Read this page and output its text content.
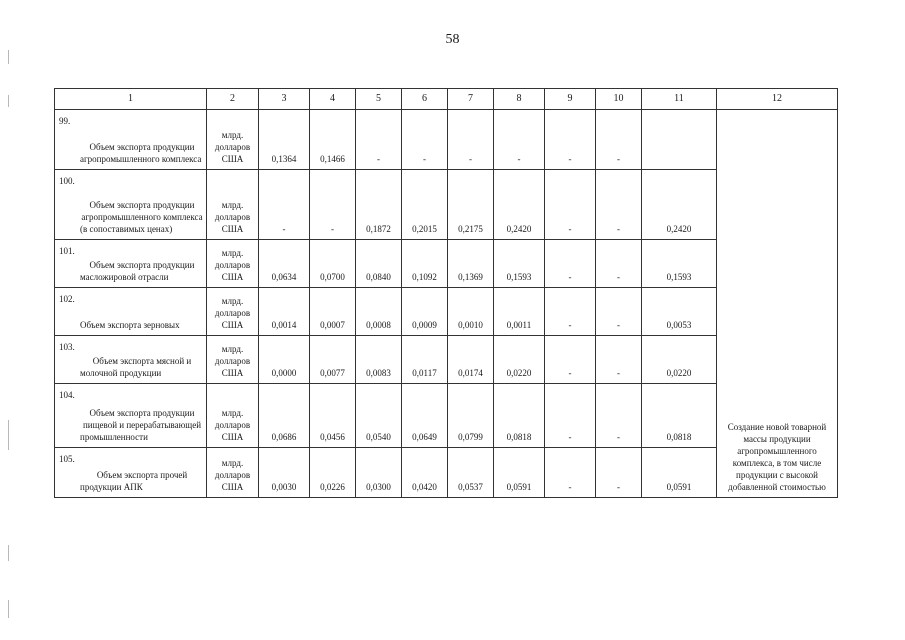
58
1	2	3	4	5	6	7	8	9	10	11	12

99.
Объем экспорта продукции агропромышленного комплекса	млрд. долларов США	0,1364	0,1466	-	-	-	-	-	-		Создание новой товарной массы продукции агропромышленного комплекса, в том числе продукции с высокой добавленной стоимостью

100.
Объем экспорта продукции агропромышленного комплекса (в сопоставимых ценах)	млрд. долларов США	-	-	0,1872	0,2015	0,2175	0,2420	-	-	0,2420	

101.
Объем экспорта продукции масложировой отрасли	млрд. долларов США	0,0634	0,0700	0,0840	0,1092	0,1369	0,1593	-	-	0,1593	

102.
Объем экспорта зерновых	млрд. долларов США	0,0014	0,0007	0,0008	0,0009	0,0010	0,0011	-	-	0,0053	

103.
Объем экспорта мясной и молочной продукции	млрд. долларов США	0,0000	0,0077	0,0083	0,0117	0,0174	0,0220	-	-	0,0220	

104.
Объем экспорта продукции пищевой и перерабатывающей промышленности	млрд. долларов США	0,0686	0,0456	0,0540	0,0649	0,0799	0,0818	-	-	0,0818	

105.
Объем экспорта прочей продукции АПК	млрд. долларов США	0,0030	0,0226	0,0300	0,0420	0,0537	0,0591	-	-	0,0591	
